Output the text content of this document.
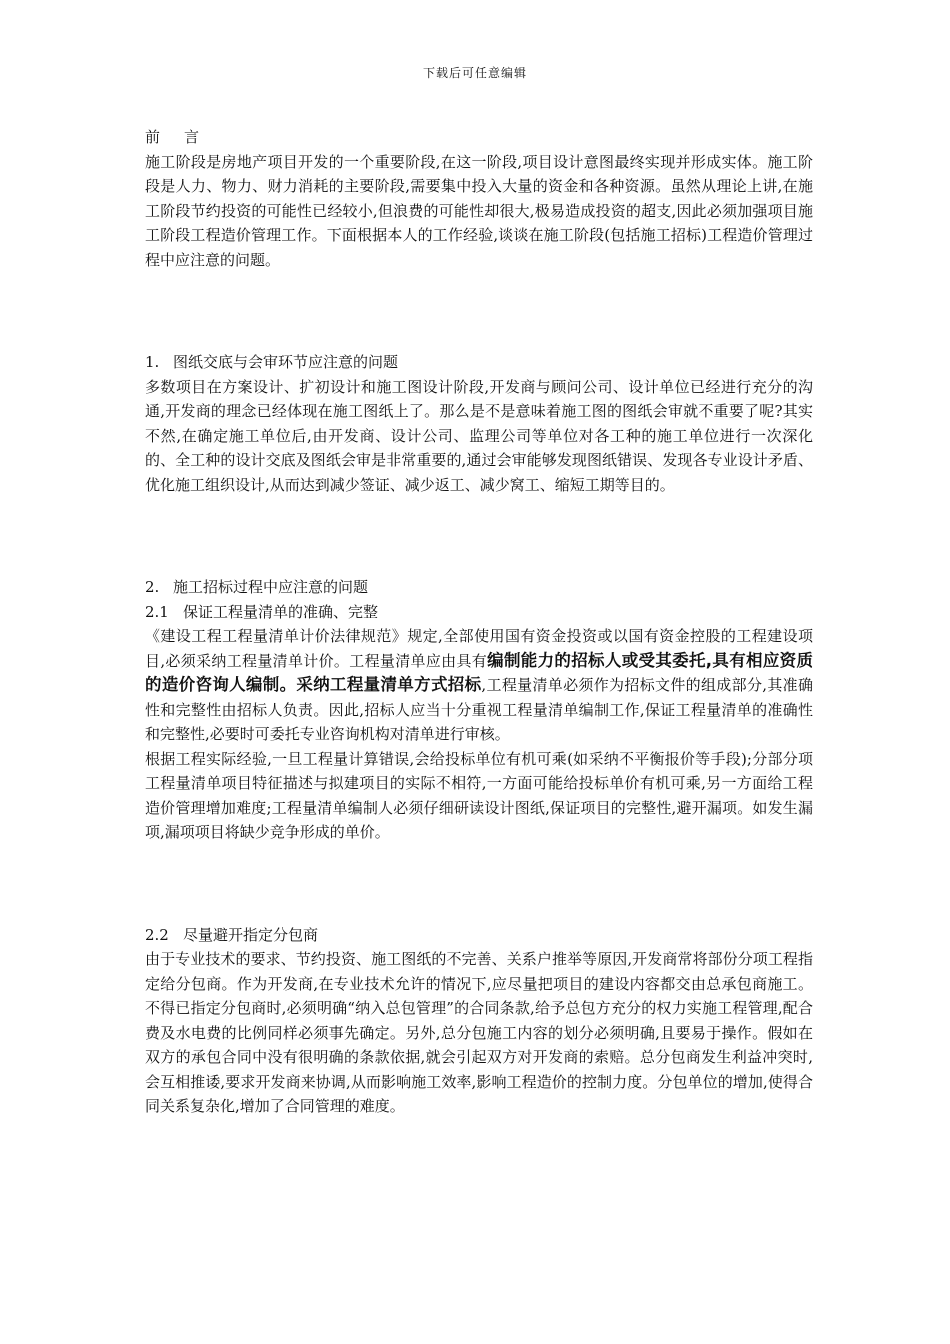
下载后可任意编辑

前 言

施工阶段是房地产项目开发的一个重要阶段,在这一阶段,项目设计意图最终实现并形成实体。施工阶段是人力、物力、财力消耗的主要阶段,需要集中投入大量的资金和各种资源。虽然从理论上讲,在施工阶段节约投资的可能性已经较小,但浪费的可能性却很大,极易造成投资的超支,因此必须加强项目施工阶段工程造价管理工作。下面根据本人的工作经验,谈谈在施工阶段(包括施工招标)工程造价管理过程中应注意的问题。

1. 图纸交底与会审环节应注意的问题

多数项目在方案设计、扩初设计和施工图设计阶段,开发商与顾问公司、设计单位已经进行充分的沟通,开发商的理念已经体现在施工图纸上了。那么是不是意味着施工图的图纸会审就不重要了呢?其实不然,在确定施工单位后,由开发商、设计公司、监理公司等单位对各工种的施工单位进行一次深化的、全工种的设计交底及图纸会审是非常重要的,通过会审能够发现图纸错误、发现各专业设计矛盾、优化施工组织设计,从而达到减少签证、减少返工、减少窝工、缩短工期等目的。

2. 施工招标过程中应注意的问题

2.1 保证工程量清单的准确、完整

《建设工程工程量清单计价法律规范》规定,全部使用国有资金投资或以国有资金控股的工程建设项目,必须采纳工程量清单计价。工程量清单应由具有编制能力的招标人或受其委托,具有相应资质的造价咨询人编制。采纳工程量清单方式招标,工程量清单必须作为招标文件的组成部分,其准确性和完整性由招标人负责。因此,招标人应当十分重视工程量清单编制工作,保证工程量清单的准确性和完整性,必要时可委托专业咨询机构对清单进行审核。

根据工程实际经验,一旦工程量计算错误,会给投标单位有机可乘(如采纳不平衡报价等手段);分部分项工程量清单项目特征描述与拟建项目的实际不相符,一方面可能给投标单价有机可乘,另一方面给工程造价管理增加难度;工程量清单编制人必须仔细研读设计图纸,保证项目的完整性,避开漏项。如发生漏项,漏项项目将缺少竞争形成的单价。

2.2 尽量避开指定分包商

由于专业技术的要求、节约投资、施工图纸的不完善、关系户推举等原因,开发商常将部份分项工程指定给分包商。作为开发商,在专业技术允许的情况下,应尽量把项目的建设内容都交由总承包商施工。不得已指定分包商时,必须明确“纳入总包管理”的合同条款,给予总包方充分的权力实施工程管理,配合费及水电费的比例同样必须事先确定。另外,总分包施工内容的划分必须明确,且要易于操作。假如在双方的承包合同中没有很明确的条款依据,就会引起双方对开发商的索赔。总分包商发生利益冲突时,会互相推诿,要求开发商来协调,从而影响施工效率,影响工程造价的控制力度。分包单位的增加,使得合同关系复杂化,增加了合同管理的难度。
